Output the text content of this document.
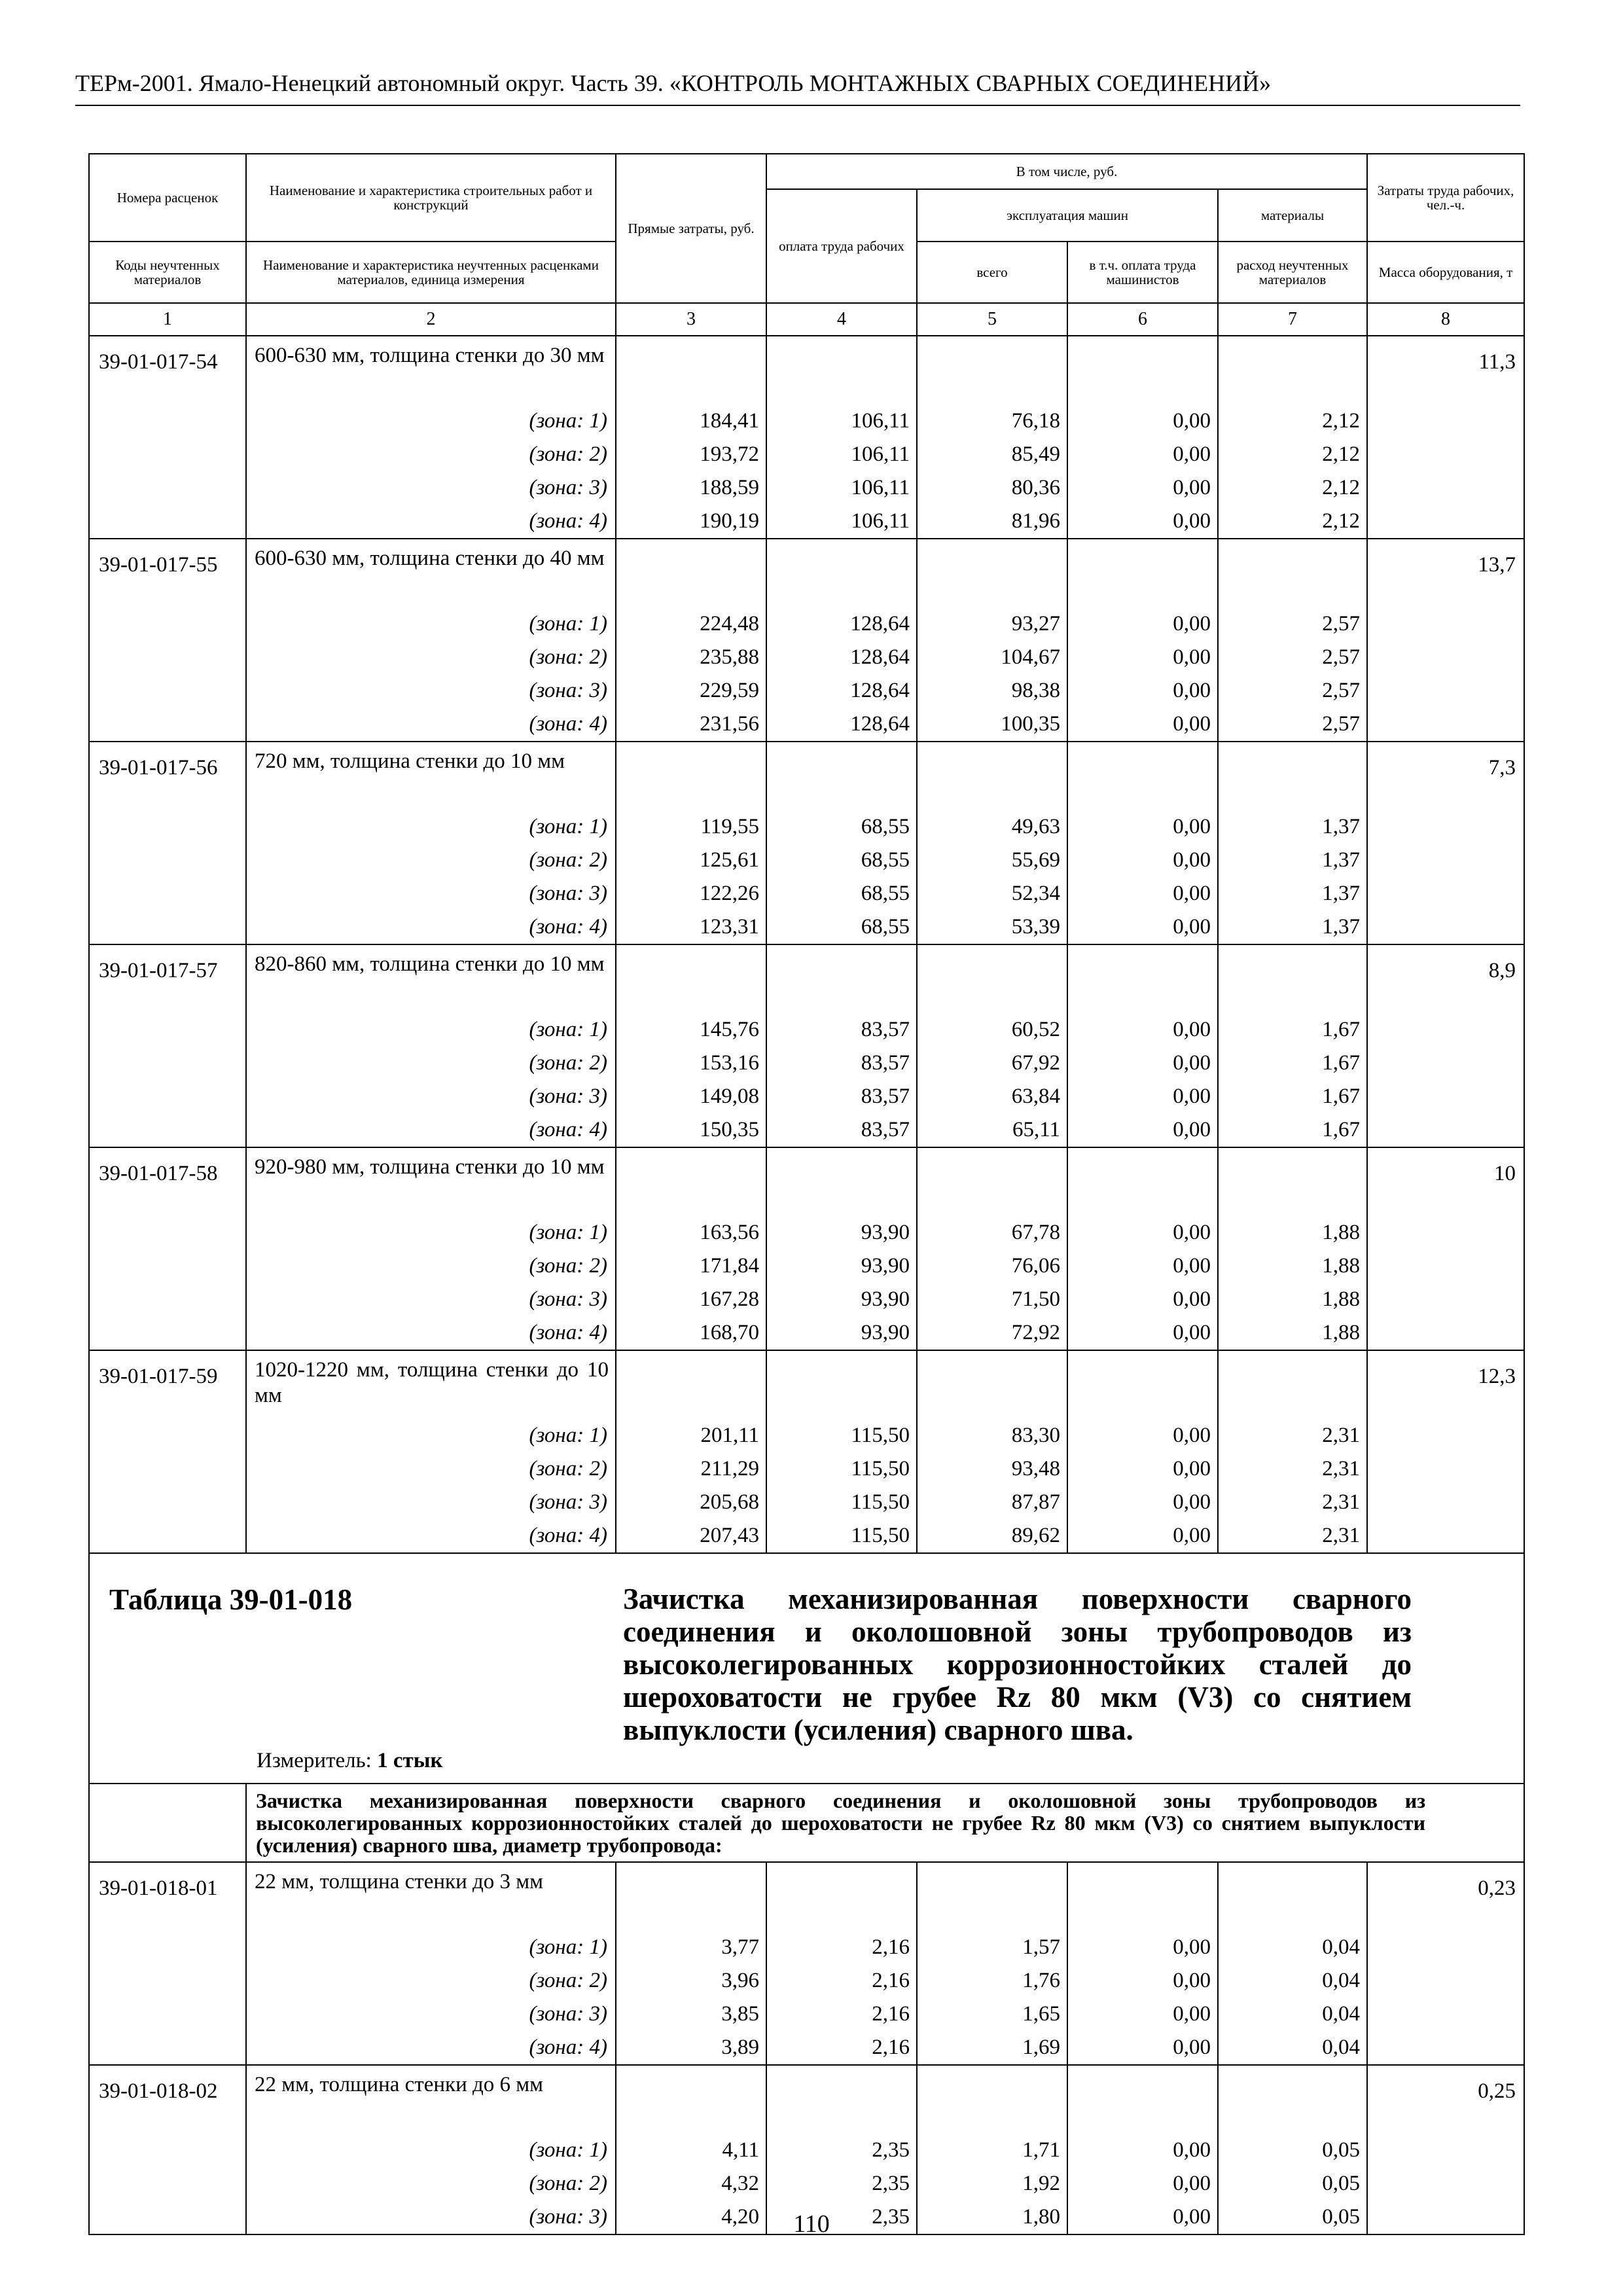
ТЕРм-2001. Ямало-Ненецкий автономный округ. Часть 39. «КОНТРОЛЬ МОНТАЖНЫХ СВАРНЫХ СОЕДИНЕНИЙ»
Номера расценок	Наименование и характеристика строительных работ и конструкций	Прямые затраты, руб.	В том числе, руб.				Затраты труда рабочих, чел.-ч.
			оплата труда рабочих	эксплуатация машин		материалы	
Коды неучтенных материалов	Наименование и характеристика неучтенных расценками материалов, единица измерения			всего	в т.ч. оплата труда машинистов	расход неучтенных материалов	Масса оборудования, т
1	2	3	4	5	6	7	8
39-01-017-54	600-630 мм, толщина стенки до 30 мм						11,3
	(зона: 1)	184,41	106,11	76,18	0,00	2,12	
	(зона: 2)	193,72	106,11	85,49	0,00	2,12	
	(зона: 3)	188,59	106,11	80,36	0,00	2,12	
	(зона: 4)	190,19	106,11	81,96	0,00	2,12	
39-01-017-55	600-630 мм, толщина стенки до 40 мм						13,7
	(зона: 1)	224,48	128,64	93,27	0,00	2,57	
	(зона: 2)	235,88	128,64	104,67	0,00	2,57	
	(зона: 3)	229,59	128,64	98,38	0,00	2,57	
	(зона: 4)	231,56	128,64	100,35	0,00	2,57	
39-01-017-56	720 мм, толщина стенки до 10 мм						7,3
	(зона: 1)	119,55	68,55	49,63	0,00	1,37	
	(зона: 2)	125,61	68,55	55,69	0,00	1,37	
	(зона: 3)	122,26	68,55	52,34	0,00	1,37	
	(зона: 4)	123,31	68,55	53,39	0,00	1,37	
39-01-017-57	820-860 мм, толщина стенки до 10 мм						8,9
	(зона: 1)	145,76	83,57	60,52	0,00	1,67	
	(зона: 2)	153,16	83,57	67,92	0,00	1,67	
	(зона: 3)	149,08	83,57	63,84	0,00	1,67	
	(зона: 4)	150,35	83,57	65,11	0,00	1,67	
39-01-017-58	920-980 мм, толщина стенки до 10 мм						10
	(зона: 1)	163,56	93,90	67,78	0,00	1,88	
	(зона: 2)	171,84	93,90	76,06	0,00	1,88	
	(зона: 3)	167,28	93,90	71,50	0,00	1,88	
	(зона: 4)	168,70	93,90	72,92	0,00	1,88	
39-01-017-59	1020-1220 мм, толщина стенки до 10 мм						12,3
	(зона: 1)	201,11	115,50	83,30	0,00	2,31	
	(зона: 2)	211,29	115,50	93,48	0,00	2,31	
	(зона: 3)	205,68	115,50	87,87	0,00	2,31	
	(зона: 4)	207,43	115,50	89,62	0,00	2,31	

Таблица 39-01-018 Зачистка механизированная поверхности сварного соединения и околошовной зоны трубопроводов из высоколегированных коррозионностойких сталей до шероховатости не грубее Rz 80 мкм (V3) со снятием выпуклости (усиления) сварного шва.
Измеритель: 1 стык							

	Зачистка механизированная поверхности сварного соединения и околошовной зоны трубопроводов из высоколегированных коррозионностойких сталей до шероховатости не грубее Rz 80 мкм (V3) со снятием выпуклости (усиления) сварного шва, диаметр трубопровода:						

39-01-018-01	22 мм, толщина стенки до 3 мм						0,23
	(зона: 1)	3,77	2,16	1,57	0,00	0,04	
	(зона: 2)	3,96	2,16	1,76	0,00	0,04	
	(зона: 3)	3,85	2,16	1,65	0,00	0,04	
	(зона: 4)	3,89	2,16	1,69	0,00	0,04	
39-01-018-02	22 мм, толщина стенки до 6 мм						0,25
	(зона: 1)	4,11	2,35	1,71	0,00	0,05	
	(зона: 2)	4,32	2,35	1,92	0,00	0,05	
	(зона: 3)	4,20	2,35	1,80	0,00	0,05	
110
